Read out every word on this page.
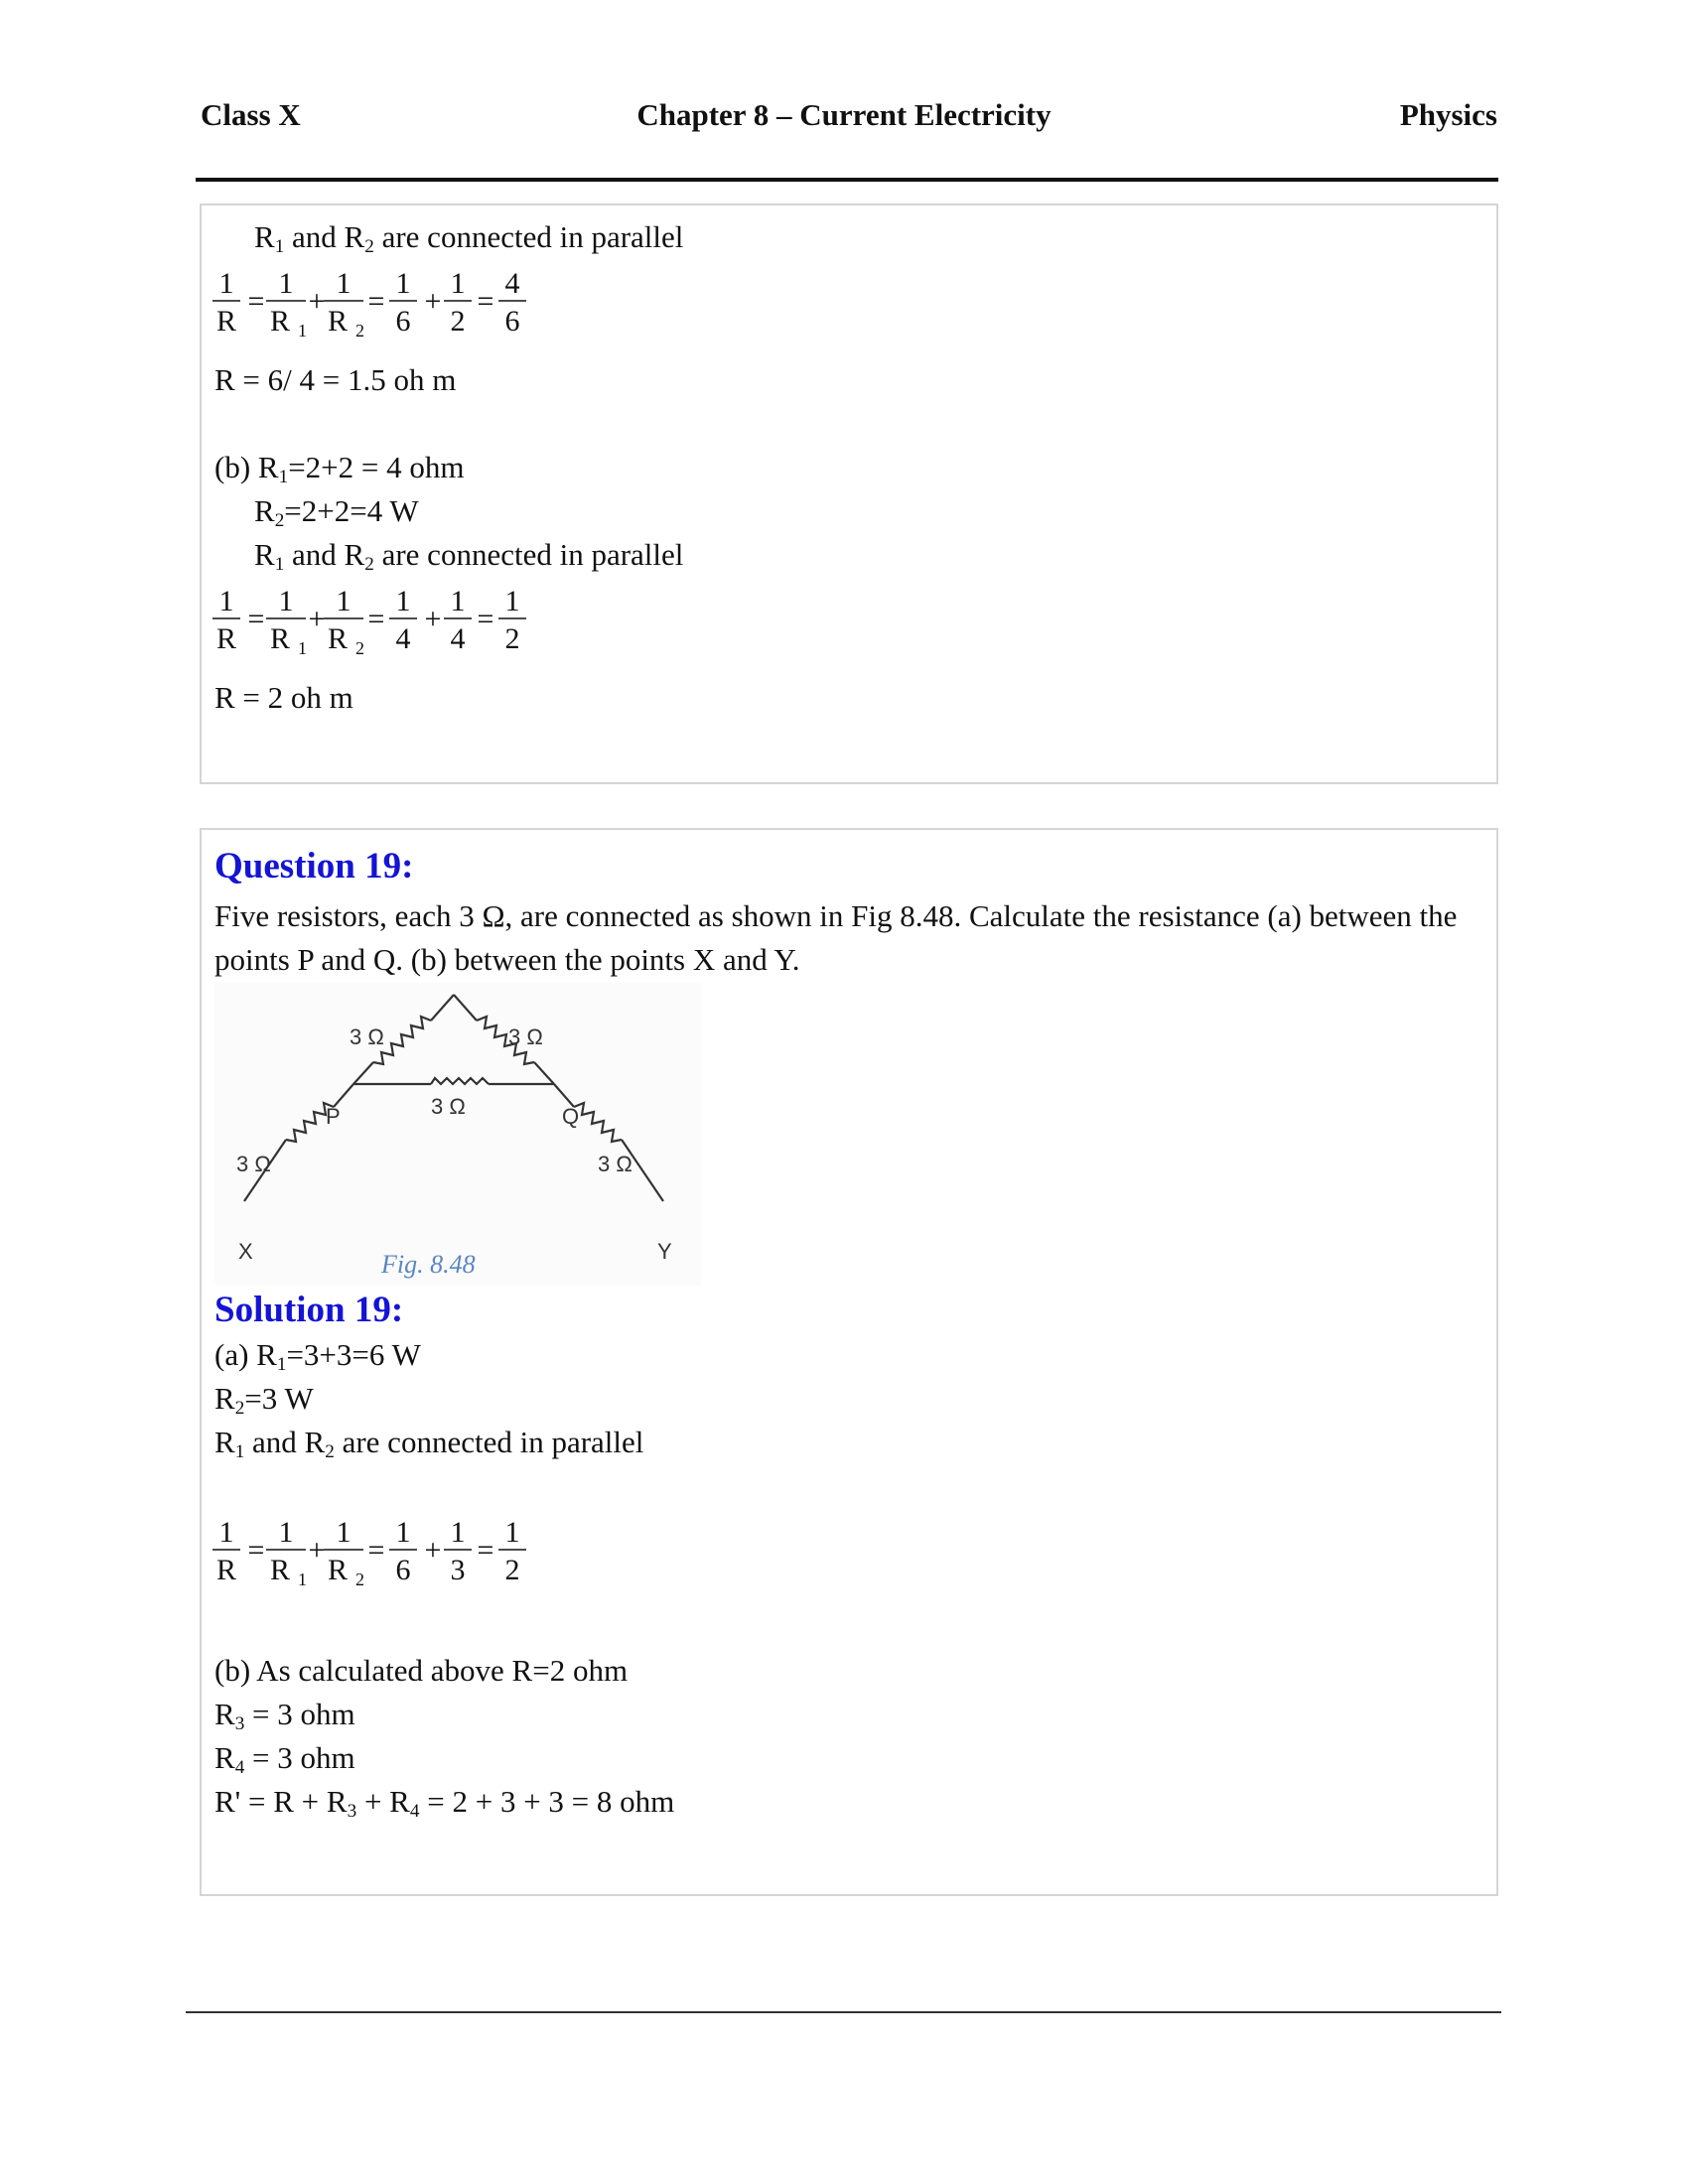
Class X	Chapter 8 – Current Electricity	Physics
$R_1$ and $R_2$ are connected in parallel
1
R
1
R 1
1
R 2
1
6
1
2
4
6
= + = + =
R = 6/ 4 = 1.5 oh m
(b) $R_1=2+2 = 4$ ohm
$R_2=2+2=4$ W
$R_1$ and $R_2$ are connected in parallel
1
R
1
R 1
1
R 2
1
4
1
4
1
2
= + = + =
R = 2 oh m
Question 19:
Five resistors, each 3 Ω, are connected as shown in Fig 8.48. Calculate the resistance (a) between the points P and Q. (b) between the points X and Y.
3 Ω	3 Ω
3 Ω
3 Ω	3 Ω
P	Q
X	Y
Fig. 8.48
Solution 19:
(a) $R_1=3+3=6$ W
$R_2=3$ W
$R_1$ and $R_2$ are connected in parallel
1
R
1
R 1
1
R 2
1
6
1
3
1
2
= + = + =
(b) As calculated above R=2 ohm
$R_3 = 3$ ohm
$R_4 = 3$ ohm
$R' = R + R_3 + R_4 = 2 + 3 + 3 = 8$ ohm
